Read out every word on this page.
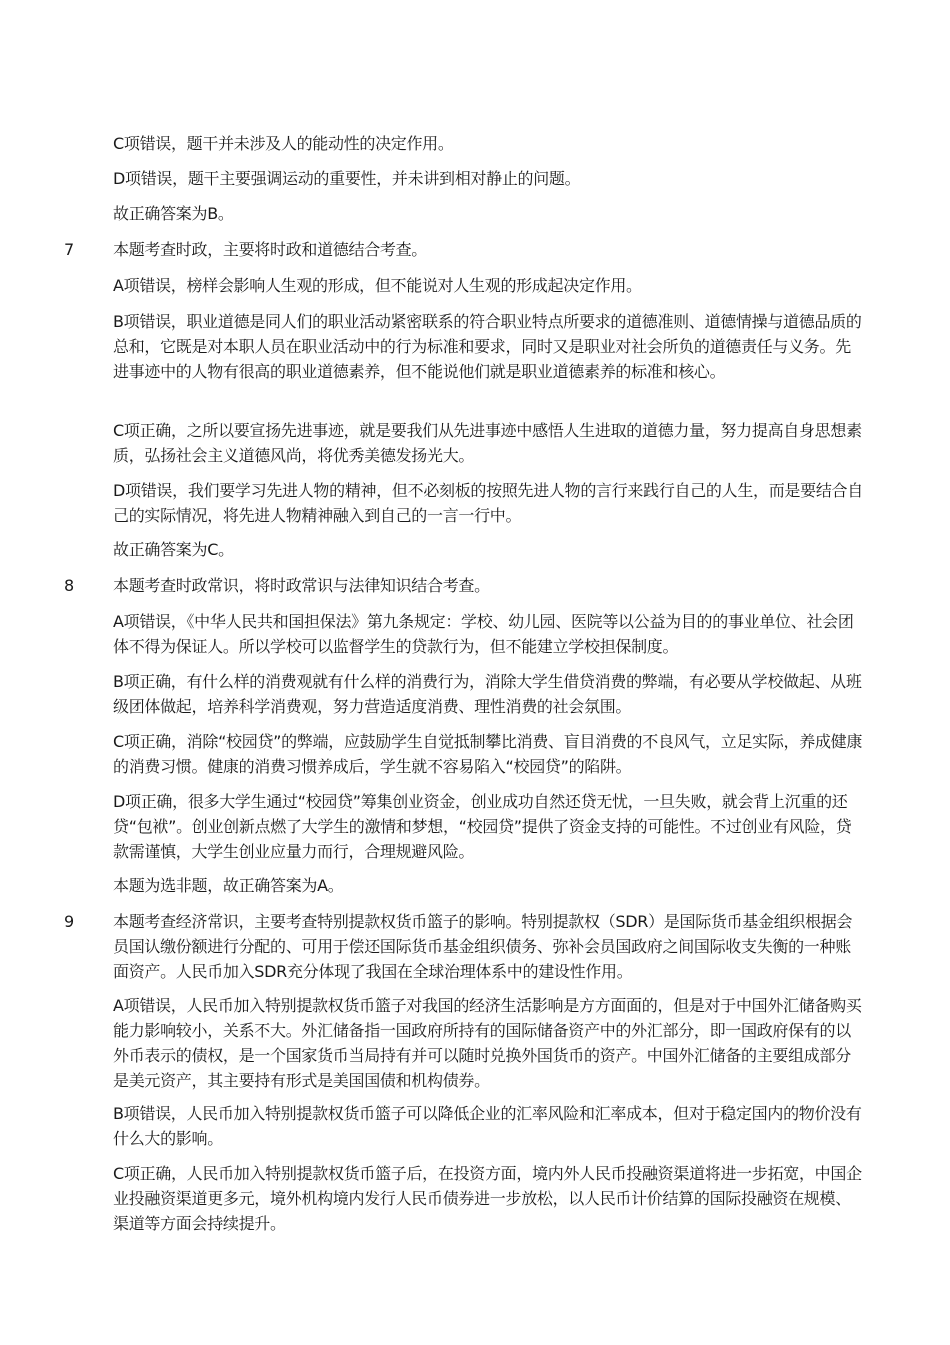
C项错误，题干并未涉及人的能动性的决定作用。

D项错误，题干主要强调运动的重要性，并未讲到相对静止的问题。

故正确答案为B。

7 本题考查时政，主要将时政和道德结合考查。

A项错误，榜样会影响人生观的形成，但不能说对人生观的形成起决定作用。

B项错误，职业道德是同人们的职业活动紧密联系的符合职业特点所要求的道德准则、道德情操与道德品质的总和，它既是对本职人员在职业活动中的行为标准和要求，同时又是职业对社会所负的道德责任与义务。先进事迹中的人物有很高的职业道德素养，但不能说他们就是职业道德素养的标准和核心。

C项正确，之所以要宣扬先进事迹，就是要我们从先进事迹中感悟人生进取的道德力量，努力提高自身思想素质，弘扬社会主义道德风尚，将优秀美德发扬光大。

D项错误，我们要学习先进人物的精神，但不必刻板的按照先进人物的言行来践行自己的人生，而是要结合自己的实际情况，将先进人物精神融入到自己的一言一行中。

故正确答案为C。

8 本题考查时政常识，将时政常识与法律知识结合考查。

A项错误，《中华人民共和国担保法》第九条规定：学校、幼儿园、医院等以公益为目的的事业单位、社会团体不得为保证人。所以学校可以监督学生的贷款行为，但不能建立学校担保制度。

B项正确，有什么样的消费观就有什么样的消费行为，消除大学生借贷消费的弊端，有必要从学校做起、从班级团体做起，培养科学消费观，努力营造适度消费、理性消费的社会氛围。

C项正确，消除“校园贷”的弊端，应鼓励学生自觉抵制攀比消费、盲目消费的不良风气，立足实际，养成健康的消费习惯。健康的消费习惯养成后，学生就不容易陷入“校园贷”的陷阱。

D项正确，很多大学生通过“校园贷”筹集创业资金，创业成功自然还贷无忧，一旦失败，就会背上沉重的还贷“包袱”。创业创新点燃了大学生的激情和梦想，“校园贷”提供了资金支持的可能性。不过创业有风险，贷款需谨慎，大学生创业应量力而行，合理规避风险。

本题为选非题，故正确答案为A。

9 本题考查经济常识，主要考查特别提款权货币篮子的影响。特别提款权（SDR）是国际货币基金组织根据会员国认缴份额进行分配的、可用于偿还国际货币基金组织债务、弥补会员国政府之间国际收支失衡的一种账面资产。人民币加入SDR充分体现了我国在全球治理体系中的建设性作用。

A项错误，人民币加入特别提款权货币篮子对我国的经济生活影响是方方面面的，但是对于中国外汇储备购买能力影响较小，关系不大。外汇储备指一国政府所持有的国际储备资产中的外汇部分，即一国政府保有的以外币表示的债权，是一个国家货币当局持有并可以随时兑换外国货币的资产。中国外汇储备的主要组成部分是美元资产，其主要持有形式是美国国债和机构债券。

B项错误，人民币加入特别提款权货币篮子可以降低企业的汇率风险和汇率成本，但对于稳定国内的物价没有什么大的影响。

C项正确，人民币加入特别提款权货币篮子后，在投资方面，境内外人民币投融资渠道将进一步拓宽，中国企业投融资渠道更多元，境外机构境内发行人民币债券进一步放松，以人民币计价结算的国际投融资在规模、渠道等方面会持续提升。
